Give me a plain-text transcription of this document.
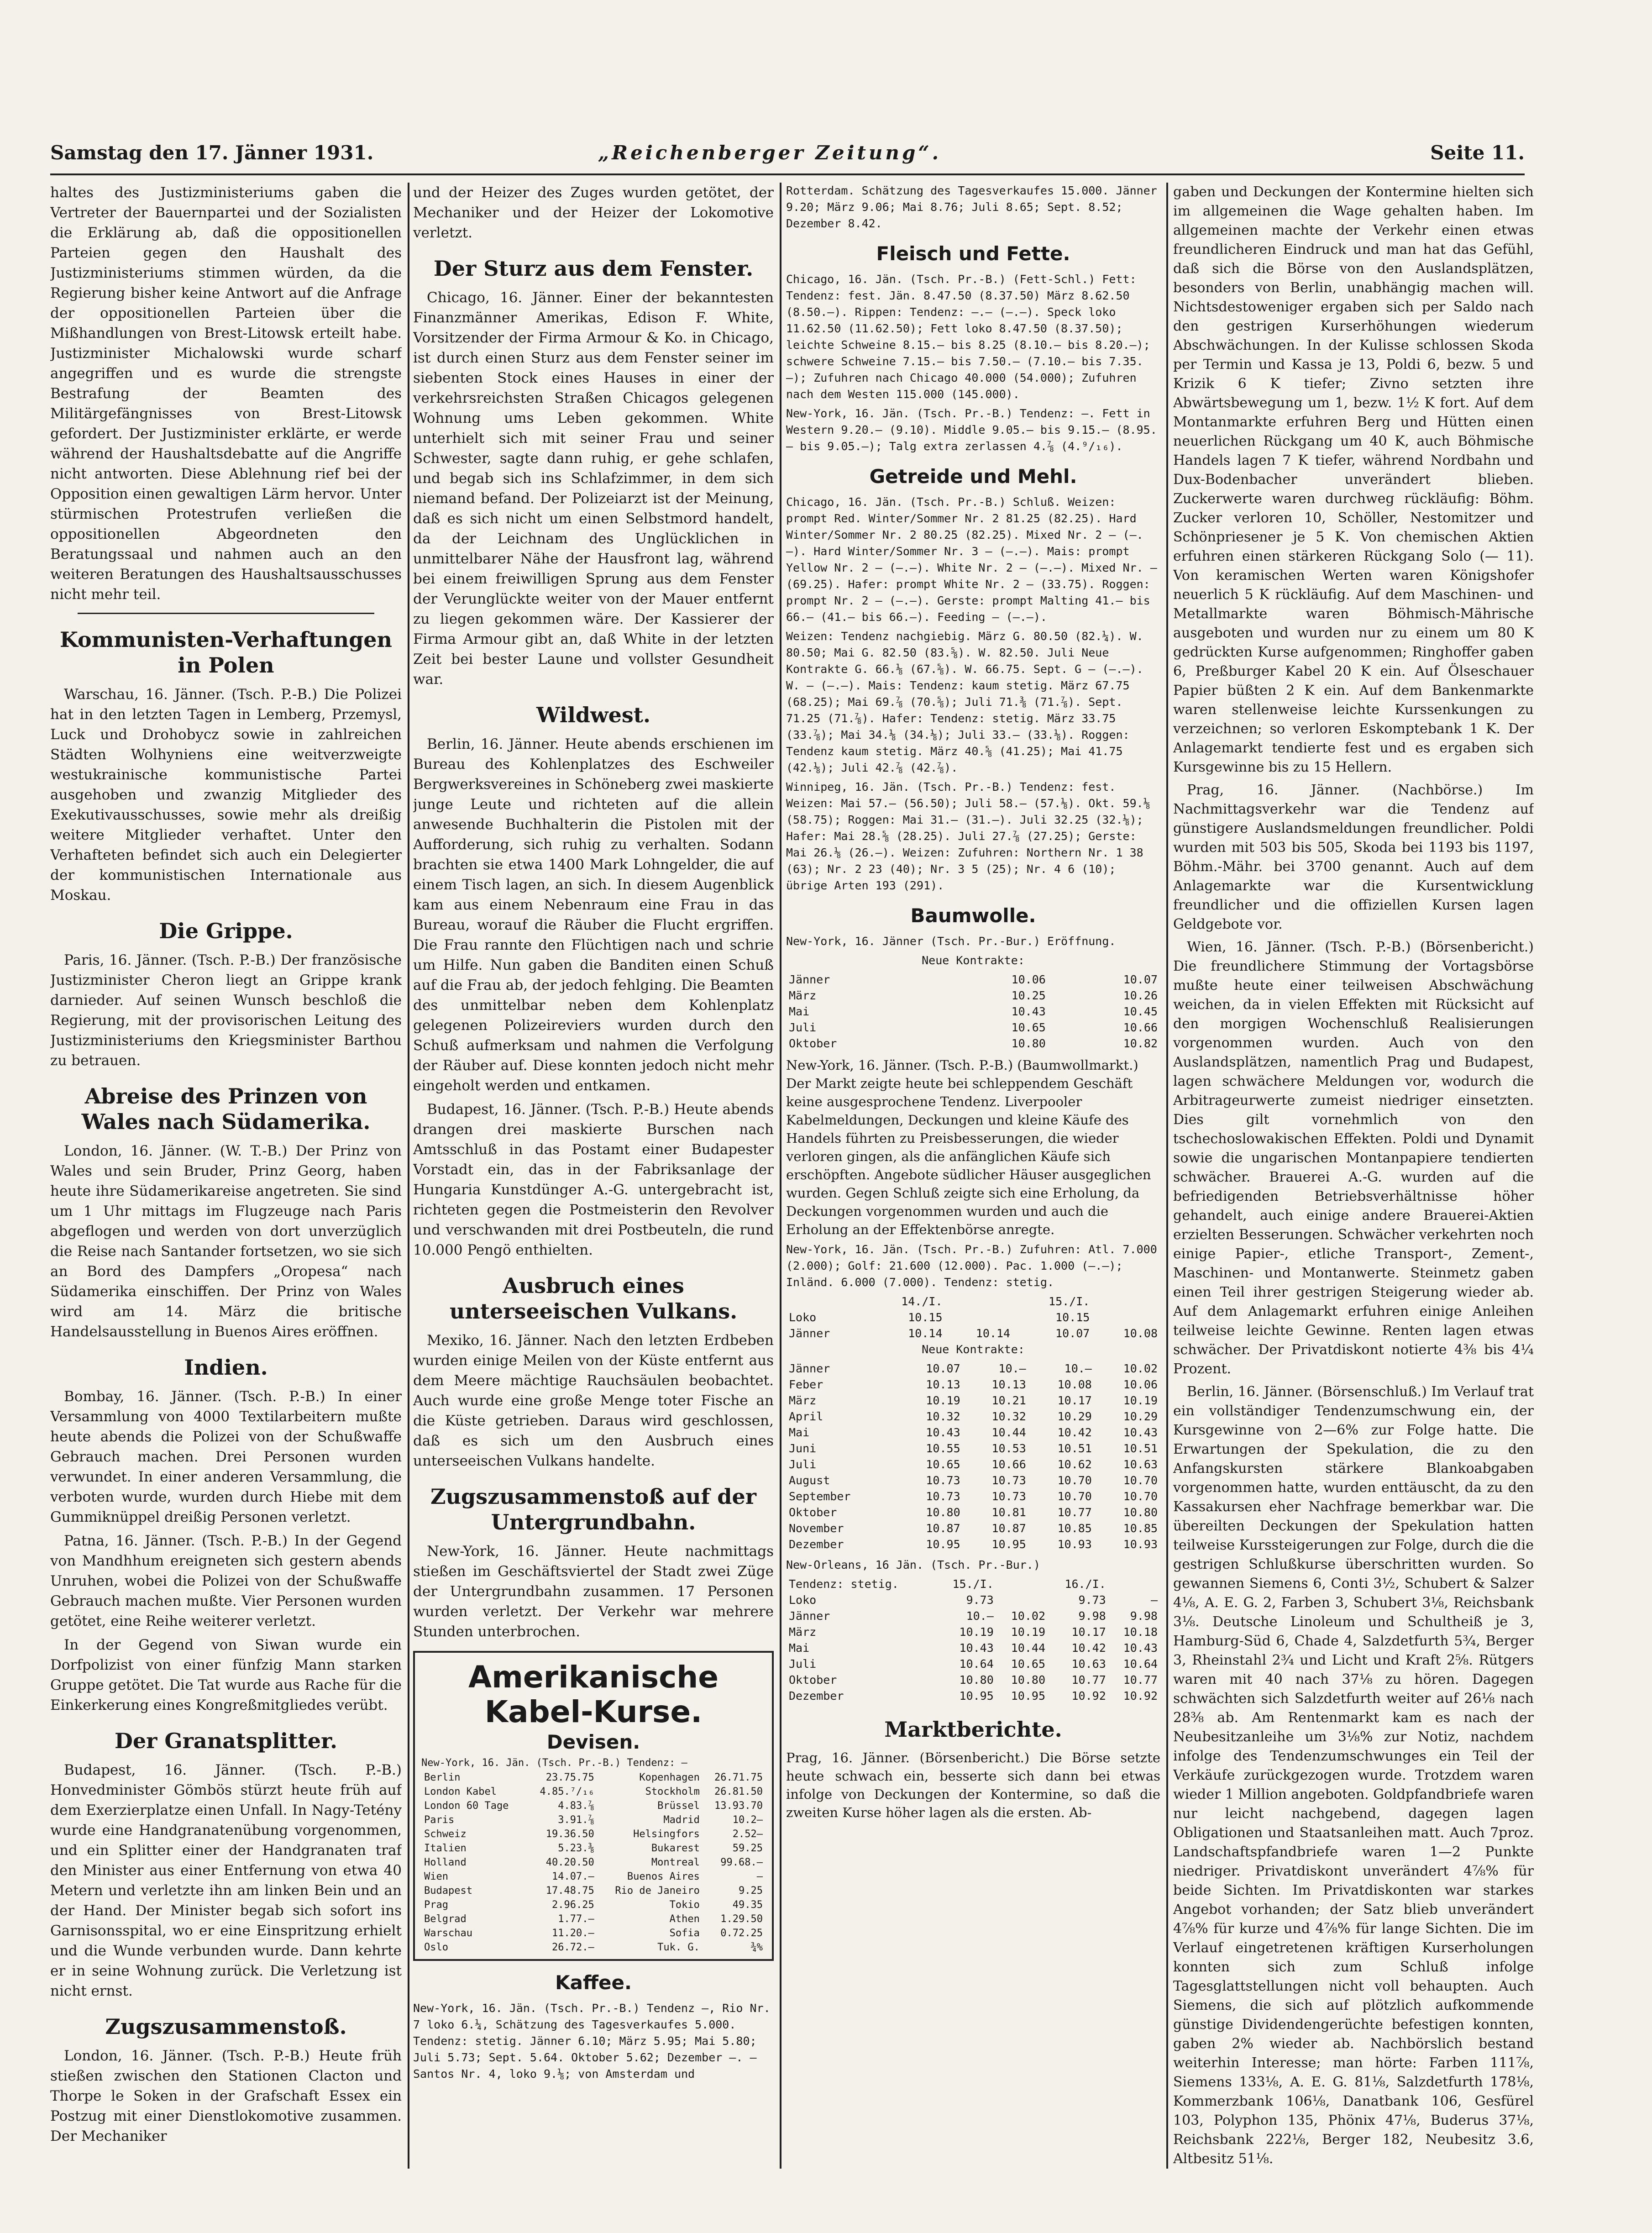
Samstag den 17. Jänner 1931.	„Reichenberger Zeitung“.	Seite 11.

haltes des Justizministeriums gaben die Vertreter der Bauernpartei und der Sozialisten die Erklärung ab, daß die oppositionellen Parteien gegen den Haushalt des Justizministeriums stimmen würden, da die Regierung bisher keine Antwort auf die Anfrage der oppositionellen Parteien über die Mißhandlungen von Brest-Litowsk erteilt habe. Justizminister Michalowski wurde scharf angegriffen und es wurde die strengste Bestrafung der Beamten des Militärgefängnisses von Brest-Litowsk gefordert. Der Justizminister erklärte, er werde während der Haushaltsdebatte auf die Angriffe nicht antworten. Diese Ablehnung rief bei der Opposition einen gewaltigen Lärm hervor. Unter stürmischen Protestrufen verließen die oppositionellen Abgeordneten den Beratungssaal und nahmen auch an den weiteren Beratungen des Haushaltsausschusses nicht mehr teil.

Kommunisten-Verhaftungen in Polen

Warschau, 16. Jänner. (Tsch. P.-B.) Die Polizei hat in den letzten Tagen in Lemberg, Przemysl, Luck und Drohobycz sowie in zahlreichen Städten Wolhyniens eine weitverzweigte westukrainische kommunistische Partei ausgehoben und zwanzig Mitglieder des Exekutivausschusses, sowie mehr als dreißig weitere Mitglieder verhaftet. Unter den Verhafteten befindet sich auch ein Delegierter der kommunistischen Internationale aus Moskau.

Die Grippe.

Paris, 16. Jänner. (Tsch. P.-B.) Der französische Justizminister Cheron liegt an Grippe krank darnieder. Auf seinen Wunsch beschloß die Regierung, mit der provisorischen Leitung des Justizministeriums den Kriegsminister Barthou zu betrauen.

Abreise des Prinzen von Wales nach Südamerika.

London, 16. Jänner. (W. T.-B.) Der Prinz von Wales und sein Bruder, Prinz Georg, haben heute ihre Südamerikareise angetreten. Sie sind um 1 Uhr mittags im Flugzeuge nach Paris abgeflogen und werden von dort unverzüglich die Reise nach Santander fortsetzen, wo sie sich an Bord des Dampfers „Oropesa“ nach Südamerika einschiffen. Der Prinz von Wales wird am 14. März die britische Handelsausstellung in Buenos Aires eröffnen.

Indien.

Bombay, 16. Jänner. (Tsch. P.-B.) In einer Versammlung von 4000 Textilarbeitern mußte heute abends die Polizei von der Schußwaffe Gebrauch machen. Drei Personen wurden verwundet. In einer anderen Versammlung, die verboten wurde, wurden durch Hiebe mit dem Gummiknüppel dreißig Personen verletzt.

Patna, 16. Jänner. (Tsch. P.-B.) In der Gegend von Mandhhum ereigneten sich gestern abends Unruhen, wobei die Polizei von der Schußwaffe Gebrauch machen mußte. Vier Personen wurden getötet, eine Reihe weiterer verletzt.

In der Gegend von Siwan wurde ein Dorfpolizist von einer fünfzig Mann starken Gruppe getötet. Die Tat wurde aus Rache für die Einkerkerung eines Kongreßmitgliedes verübt.

Der Granatsplitter.

Budapest, 16. Jänner. (Tsch. P.-B.) Honvedminister Gömbös stürzt heute früh auf dem Exerzierplatze einen Unfall. In Nagy-Tetény wurde eine Handgranatenübung vorgenommen, und ein Splitter einer der Handgranaten traf den Minister aus einer Entfernung von etwa 40 Metern und verletzte ihn am linken Bein und an der Hand. Der Minister begab sich sofort ins Garnisonsspital, wo er eine Einspritzung erhielt und die Wunde verbunden wurde. Dann kehrte er in seine Wohnung zurück. Die Verletzung ist nicht ernst.

Zugszusammenstoß.

London, 16. Jänner. (Tsch. P.-B.) Heute früh stießen zwischen den Stationen Clacton und Thorpe le Soken in der Grafschaft Essex ein Postzug mit einer Dienstlokomotive zusammen. Der Mechaniker

und der Heizer des Zuges wurden getötet, der Mechaniker und der Heizer der Lokomotive verletzt.

Der Sturz aus dem Fenster.

Chicago, 16. Jänner. Einer der bekanntesten Finanzmänner Amerikas, Edison F. White, Vorsitzender der Firma Armour & Ko. in Chicago, ist durch einen Sturz aus dem Fenster seiner im siebenten Stock eines Hauses in einer der verkehrsreichsten Straßen Chicagos gelegenen Wohnung ums Leben gekommen. White unterhielt sich mit seiner Frau und seiner Schwester, sagte dann ruhig, er gehe schlafen, und begab sich ins Schlafzimmer, in dem sich niemand befand. Der Polizeiarzt ist der Meinung, daß es sich nicht um einen Selbstmord handelt, da der Leichnam des Unglücklichen in unmittelbarer Nähe der Hausfront lag, während bei einem freiwilligen Sprung aus dem Fenster der Verunglückte weiter von der Mauer entfernt zu liegen gekommen wäre. Der Kassierer der Firma Armour gibt an, daß White in der letzten Zeit bei bester Laune und vollster Gesundheit war.

Wildwest.

Berlin, 16. Jänner. Heute abends erschienen im Bureau des Kohlenplatzes des Eschweiler Bergwerksvereines in Schöneberg zwei maskierte junge Leute und richteten auf die allein anwesende Buchhalterin die Pistolen mit der Aufforderung, sich ruhig zu verhalten. Sodann brachten sie etwa 1400 Mark Lohngelder, die auf einem Tisch lagen, an sich. In diesem Augenblick kam aus einem Nebenraum eine Frau in das Bureau, worauf die Räuber die Flucht ergriffen. Die Frau rannte den Flüchtigen nach und schrie um Hilfe. Nun gaben die Banditen einen Schuß auf die Frau ab, der jedoch fehlging. Die Beamten des unmittelbar neben dem Kohlenplatz gelegenen Polizeireviers wurden durch den Schuß aufmerksam und nahmen die Verfolgung der Räuber auf. Diese konnten jedoch nicht mehr eingeholt werden und entkamen.

Budapest, 16. Jänner. (Tsch. P.-B.) Heute abends drangen drei maskierte Burschen nach Amtsschluß in das Postamt einer Budapester Vorstadt ein, das in der Fabriksanlage der Hungaria Kunstdünger A.-G. untergebracht ist, richteten gegen die Postmeisterin den Revolver und verschwanden mit drei Postbeuteln, die rund 10.000 Pengö enthielten.

Ausbruch eines unterseeischen Vulkans.

Mexiko, 16. Jänner. Nach den letzten Erdbeben wurden einige Meilen von der Küste entfernt aus dem Meere mächtige Rauchsäulen beobachtet. Auch wurde eine große Menge toter Fische an die Küste getrieben. Daraus wird geschlossen, daß es sich um den Ausbruch eines unterseeischen Vulkans handelte.

Zugszusammenstoß auf der Untergrundbahn.

New-York, 16. Jänner. Heute nachmittags stießen im Geschäftsviertel der Stadt zwei Züge der Untergrundbahn zusammen. 17 Personen wurden verletzt. Der Verkehr war mehrere Stunden unterbrochen.

Amerikanische Kabel-Kurse.
Devisen.
New-York, 16. Jän. (Tsch. Pr.-B.) Tendenz: —
Berlin	23.75.75	Kopenhagen	26.71.75
London Kabel	4.85.⁷/₁₆	Stockholm	26.81.50
London 60 Tage	4.83.⅞	Brüssel	13.93.70
Paris	3.91.⅞	Madrid	10.2—
Schweiz	19.36.50	Helsingfors	2.52—
Italien	5.23.⅜	Bukarest	59.25
Holland	40.20.50	Montreal	99.68.—
Wien	14.07.—	Buenos Aires	—
Budapest	17.48.75	Rio de Janeiro	9.25
Prag	2.96.25	Tokio	49.35
Belgrad	1.77.—	Athen	1.29.50
Warschau	11.20.—	Sofia	0.72.25
Oslo	26.72.—	Tuk. G.	¾%
Kaffee.

New-York, 16. Jän. (Tsch. Pr.-B.) Tendenz —, Rio Nr. 7 loko 6.¼, Schätzung des Tagesverkaufes 5.000. Tendenz: stetig. Jänner 6.10; März 5.95; Mai 5.80; Juli 5.73; Sept. 5.64. Oktober 5.62; Dezember —. — Santos Nr. 4, loko 9.⅛; von Amsterdam und

Rotterdam. Schätzung des Tagesverkaufes 15.000. Jänner 9.20; März 9.06; Mai 8.76; Juli 8.65; Sept. 8.52; Dezember 8.42.

Fleisch und Fette.

Chicago, 16. Jän. (Tsch. Pr.-B.) (Fett-Schl.) Fett: Tendenz: fest. Jän. 8.47.50 (8.37.50) März 8.62.50 (8.50.—). Rippen: Tendenz: —.— (—.—). Speck loko 11.62.50 (11.62.50); Fett loko 8.47.50 (8.37.50); leichte Schweine 8.15.— bis 8.25 (8.10.— bis 8.20.—); schwere Schweine 7.15.— bis 7.50.— (7.10.— bis 7.35.—); Zufuhren nach Chicago 40.000 (54.000); Zufuhren nach dem Westen 115.000 (145.000).

New-York, 16. Jän. (Tsch. Pr.-B.) Tendenz: —. Fett in Western 9.20.— (9.10). Middle 9.05.— bis 9.15.— (8.95.— bis 9.05.—); Talg extra zerlassen 4.⅞ (4.⁹/₁₆).

Getreide und Mehl.

Chicago, 16. Jän. (Tsch. Pr.-B.) Schluß. Weizen: prompt Red. Winter/Sommer Nr. 2 81.25 (82.25). Hard Winter/Sommer Nr. 2 80.25 (82.25). Mixed Nr. 2 — (—.—). Hard Winter/Sommer Nr. 3 — (—.—). Mais: prompt Yellow Nr. 2 — (—.—). White Nr. 2 — (—.—). Mixed Nr. — (69.25). Hafer: prompt White Nr. 2 — (33.75). Roggen: prompt Nr. 2 — (—.—). Gerste: prompt Malting 41.— bis 66.— (41.— bis 66.—). Feeding — (—.—).

Weizen: Tendenz nachgiebig. März G. 80.50 (82.¼). W. 80.50; Mai G. 82.50 (83.⅝). W. 82.50. Juli Neue Kontrakte G. 66.⅛ (67.⅝). W. 66.75. Sept. G — (—.—). W. — (—.—). Mais: Tendenz: kaum stetig. März 67.75 (68.25); Mai 69.⅞ (70.⅝); Juli 71.⅜ (71.⅞). Sept. 71.25 (71.⅞). Hafer: Tendenz: stetig. März 33.75 (33.⅞); Mai 34.⅛ (34.⅛); Juli 33.— (33.⅛). Roggen: Tendenz kaum stetig. März 40.⅝ (41.25); Mai 41.75 (42.⅛); Juli 42.⅞ (42.⅞).

Winnipeg, 16. Jän. (Tsch. Pr.-B.) Tendenz: fest. Weizen: Mai 57.— (56.50); Juli 58.— (57.⅛). Okt. 59.⅛ (58.75); Roggen: Mai 31.— (31.—). Juli 32.25 (32.⅛); Hafer: Mai 28.⅝ (28.25). Juli 27.⅞ (27.25); Gerste: Mai 26.⅛ (26.—). Weizen: Zufuhren: Northern Nr. 1 38 (63); Nr. 2 23 (40); Nr. 3 5 (25); Nr. 4 6 (10); übrige Arten 193 (291).

Baumwolle.

New-York, 16. Jänner (Tsch. Pr.-Bur.) Eröffnung.

Neue Kontrakte:

Jänner	10.06	10.07
März	10.25	10.26
Mai	10.43	10.45
Juli	10.65	10.66
Oktober	10.80	10.82

New-York, 16. Jänner. (Tsch. P.-B.) (Baumwollmarkt.) Der Markt zeigte heute bei schleppendem Geschäft keine ausgesprochene Tendenz. Liverpooler Kabelmeldungen, Deckungen und kleine Käufe des Handels führten zu Preisbesserungen, die wieder verloren gingen, als die anfänglichen Käufe sich erschöpften. Angebote südlicher Häuser ausgeglichen wurden. Gegen Schluß zeigte sich eine Erholung, da Deckungen vorgenommen wurden und auch die Erholung an der Effektenbörse anregte.

New-York, 16. Jän. (Tsch. Pr.-B.) Zufuhren: Atl. 7.000 (2.000); Golf: 21.600 (12.000). Pac. 1.000 (—.—); Inländ. 6.000 (7.000). Tendenz: stetig.

	14./I.		15./I.	
Loko	10.15		10.15	
Jänner	10.14	10.14	10.07	10.08

Neue Kontrakte:

Jänner	10.07	10.—	10.—	10.02
Feber	10.13	10.13	10.08	10.06
März	10.19	10.21	10.17	10.19
April	10.32	10.32	10.29	10.29
Mai	10.43	10.44	10.42	10.43
Juni	10.55	10.53	10.51	10.51
Juli	10.65	10.66	10.62	10.63
August	10.73	10.73	10.70	10.70
September	10.73	10.73	10.70	10.70
Oktober	10.80	10.81	10.77	10.80
November	10.87	10.87	10.85	10.85
Dezember	10.95	10.95	10.93	10.93

New-Orleans, 16 Jän. (Tsch. Pr.-Bur.)

Tendenz: stetig.	15./I.		16./I.	
Loko	9.73		9.73	—
Jänner	10.—	10.02	9.98	9.98
März	10.19	10.19	10.17	10.18
Mai	10.43	10.44	10.42	10.43
Juli	10.64	10.65	10.63	10.64
Oktober	10.80	10.80	10.77	10.77
Dezember	10.95	10.95	10.92	10.92
Marktberichte.

Prag, 16. Jänner. (Börsenbericht.) Die Börse setzte heute schwach ein, besserte sich dann bei etwas infolge von Deckungen der Kontermine, so daß die zweiten Kurse höher lagen als die ersten. Ab-

gaben und Deckungen der Kontermine hielten sich im allgemeinen die Wage gehalten haben. Im allgemeinen machte der Verkehr einen etwas freundlicheren Eindruck und man hat das Gefühl, daß sich die Börse von den Auslandsplätzen, besonders von Berlin, unabhängig machen will. Nichtsdestoweniger ergaben sich per Saldo nach den gestrigen Kurserhöhungen wiederum Abschwächungen. In der Kulisse schlossen Skoda per Termin und Kassa je 13, Poldi 6, bezw. 5 und Krizik 6 K tiefer; Zivno setzten ihre Abwärtsbewegung um 1, bezw. 1½ K fort. Auf dem Montanmarkte erfuhren Berg und Hütten einen neuerlichen Rückgang um 40 K, auch Böhmische Handels lagen 7 K tiefer, während Nordbahn und Dux-Bodenbacher unverändert blieben. Zuckerwerte waren durchweg rückläufig: Böhm. Zucker verloren 10, Schöller, Nestomitzer und Schönpriesener je 5 K. Von chemischen Aktien erfuhren einen stärkeren Rückgang Solo (— 11). Von keramischen Werten waren Königshofer neuerlich 5 K rückläufig. Auf dem Maschinen- und Metallmarkte waren Böhmisch-Mährische ausgeboten und wurden nur zu einem um 80 K gedrückten Kurse aufgenommen; Ringhoffer gaben 6, Preßburger Kabel 20 K ein. Auf Ölseschauer Papier büßten 2 K ein. Auf dem Bankenmarkte waren stellenweise leichte Kurssenkungen zu verzeichnen; so verloren Eskomptebank 1 K. Der Anlagemarkt tendierte fest und es ergaben sich Kursgewinne bis zu 15 Hellern.

Prag, 16. Jänner. (Nachbörse.) Im Nachmittagsverkehr war die Tendenz auf günstigere Auslandsmeldungen freundlicher. Poldi wurden mit 503 bis 505, Skoda bei 1193 bis 1197, Böhm.-Mähr. bei 3700 genannt. Auch auf dem Anlagemarkte war die Kursentwicklung freundlicher und die offiziellen Kursen lagen Geldgebote vor.

Wien, 16. Jänner. (Tsch. P.-B.) (Börsenbericht.) Die freundlichere Stimmung der Vortagsbörse mußte heute einer teilweisen Abschwächung weichen, da in vielen Effekten mit Rücksicht auf den morgigen Wochenschluß Realisierungen vorgenommen wurden. Auch von den Auslandsplätzen, namentlich Prag und Budapest, lagen schwächere Meldungen vor, wodurch die Arbitrageurwerte zumeist niedriger einsetzten. Dies gilt vornehmlich von den tschechoslowakischen Effekten. Poldi und Dynamit sowie die ungarischen Montanpapiere tendierten schwächer. Brauerei A.-G. wurden auf die befriedigenden Betriebsverhältnisse höher gehandelt, auch einige andere Brauerei-Aktien erzielten Besserungen. Schwächer verkehrten noch einige Papier-, etliche Transport-, Zement-, Maschinen- und Montanwerte. Steinmetz gaben einen Teil ihrer gestrigen Steigerung wieder ab. Auf dem Anlagemarkt erfuhren einige Anleihen teilweise leichte Gewinne. Renten lagen etwas schwächer. Der Privatdiskont notierte 4⅜ bis 4¼ Prozent.

Berlin, 16. Jänner. (Börsenschluß.) Im Verlauf trat ein vollständiger Tendenzumschwung ein, der Kursgewinne von 2—6% zur Folge hatte. Die Erwartungen der Spekulation, die zu den Anfangskursten stärkere Blankoabgaben vorgenommen hatte, wurden enttäuscht, da zu den Kassakursen eher Nachfrage bemerkbar war. Die übereilten Deckungen der Spekulation hatten teilweise Kurssteigerungen zur Folge, durch die die gestrigen Schlußkurse überschritten wurden. So gewannen Siemens 6, Conti 3½, Schubert & Salzer 4⅛, A. E. G. 2, Farben 3, Schubert 3⅛, Reichsbank 3⅛. Deutsche Linoleum und Schultheiß je 3, Hamburg-Süd 6, Chade 4, Salzdetfurth 5¾, Berger 3, Rheinstahl 2¾ und Licht und Kraft 2⅝. Rütgers waren mit 40 nach 37⅛ zu hören. Dagegen schwächten sich Salzdetfurth weiter auf 26⅛ nach 28⅜ ab. Am Rentenmarkt kam es nach der Neubesitzanleihe um 3⅛% zur Notiz, nachdem infolge des Tendenzumschwunges ein Teil der Verkäufe zurückgezogen wurde. Trotzdem waren wieder 1 Million angeboten. Goldpfandbriefe waren nur leicht nachgebend, dagegen lagen Obligationen und Staatsanleihen matt. Auch 7proz. Landschaftspfandbriefe waren 1—2 Punkte niedriger. Privatdiskont unverändert 4⅞% für beide Sichten. Im Privatdiskonten war starkes Angebot vorhanden; der Satz blieb unverändert 4⅞% für kurze und 4⅞% für lange Sichten. Die im Verlauf eingetretenen kräftigen Kurserholungen konnten sich zum Schluß infolge Tagesglattstellungen nicht voll behaupten. Auch Siemens, die sich auf plötzlich aufkommende günstige Dividendengerüchte befestigen konnten, gaben 2% wieder ab. Nachbörslich bestand weiterhin Interesse; man hörte: Farben 111⅞, Siemens 133⅛, A. E. G. 81⅛, Salzdetfurth 178⅛, Kommerzbank 106⅛, Danatbank 106, Gesfürel 103, Polyphon 135, Phönix 47⅛, Buderus 37⅛, Reichsbank 222⅛, Berger 182, Neubesitz 3.6, Altbesitz 51⅛.
